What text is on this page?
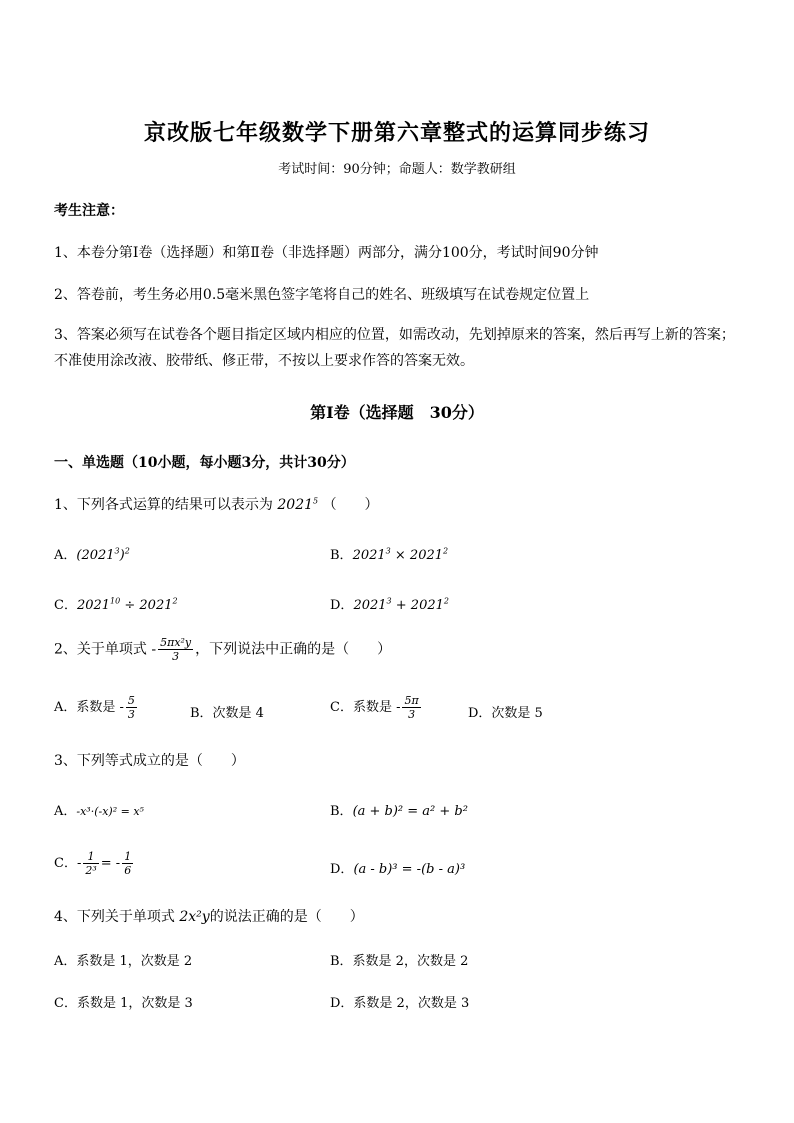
京改版七年级数学下册第六章整式的运算同步练习
考试时间：90分钟；命题人：数学教研组
考生注意：
1、本卷分第Ⅰ卷（选择题）和第Ⅱ卷（非选择题）两部分，满分100分，考试时间90分钟
2、答卷前，考生务必用0.5毫米黑色签字笔将自己的姓名、班级填写在试卷规定位置上
3、答案必须写在试卷各个题目指定区域内相应的位置，如需改动，先划掉原来的答案，然后再写上新的答案；不准使用涂改液、胶带纸、修正带，不按以上要求作答的答案无效。
第Ⅰ卷（选择题　30分）
一、单选题（10小题，每小题3分，共计30分）
1、下列各式运算的结果可以表示为 2021$^5$ （　　）
A．$(2021^3)^2$	B．$2021^3 \times 2021^2$
C．$2021^{10} \div 2021^2$	D．$2021^3 + 2021^2$
2、关于单项式 - $\frac{\text{5πx²y}}{3}$ ，下列说法中正确的是（　　）
A．系数是 - $\frac{5}{3}$	B．次数是 4	C．系数是 - $\frac{5\pi}{3}$	D．次数是 5
3、下列等式成立的是（　　）
A．-x³·(-x)² = x⁵	B．(a + b)² = a² + b²
C．- $\frac{1}{\text{2³}}$ = - $\frac{1}{6}$	D．(a - b)³ = -(b - a)³
4、下列关于单项式 2x²y的说法正确的是（　　）
A．系数是 1，次数是 2	B．系数是 2，次数是 2
C．系数是 1，次数是 3	D．系数是 2，次数是 3
